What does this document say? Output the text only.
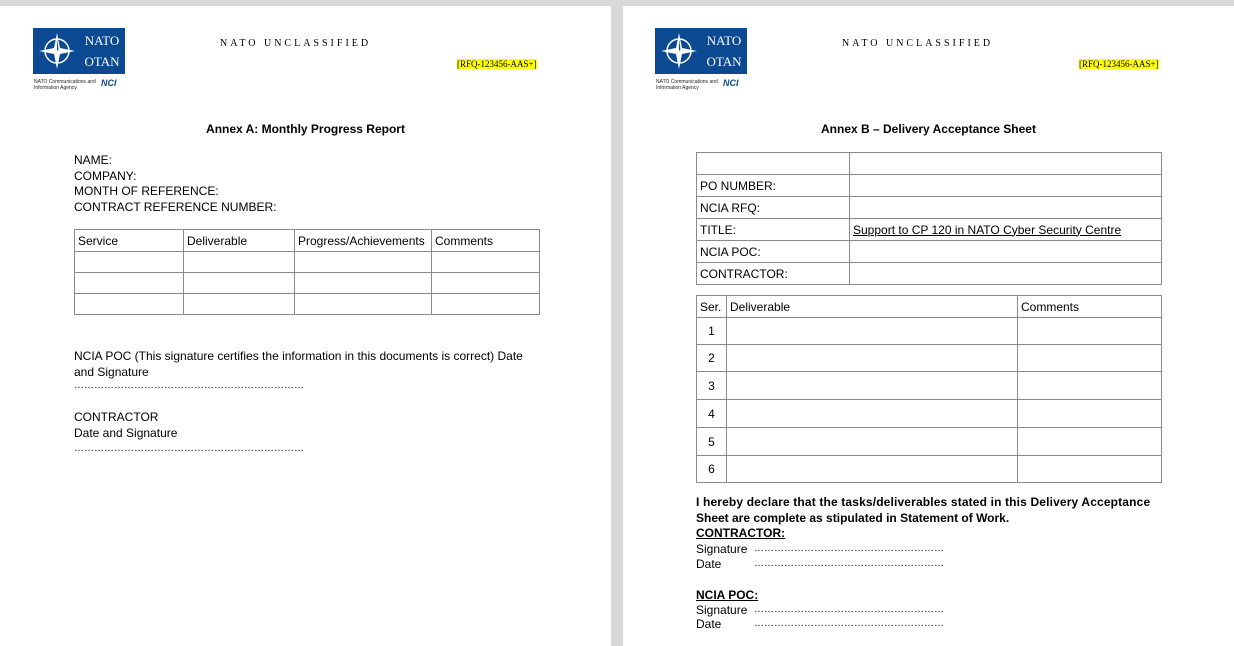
NATO
OTAN
NATO Communications and Information Agency	NCI
NATO UNCLASSIFIED
[RFQ-123456-AAS+]
Annex A: Monthly Progress Report
NAME:
COMPANY:
MONTH OF REFERENCE:
CONTRACT REFERENCE NUMBER:
Service	Deliverable	Progress/Achievements	Comments

NCIA POC (This signature certifies the information in this documents is correct) Date
and Signature
……………………………………………………………
CONTRACTOR
Date and Signature
……………………………………………………………
NATO
OTAN
NATO Communications and Information Agency	NCI
NATO UNCLASSIFIED
[RFQ-123456-AAS+]
Annex B – Delivery Acceptance Sheet

PO NUMBER:	
NCIA RFQ:	
TITLE:	Support to CP 120 in NATO Cyber Security Centre
NCIA POC:	
CONTRACTOR:	
Ser.	Deliverable	Comments
1		
2		
3		
4		
5		
6		
I hereby declare that the tasks/deliverables stated in this Delivery Acceptance
Sheet are complete as stipulated in Statement of Work.
CONTRACTOR:
Signature …………………………………………………
Date	…………………………………………………
NCIA POC:
Signature …………………………………………………
Date	…………………………………………………
